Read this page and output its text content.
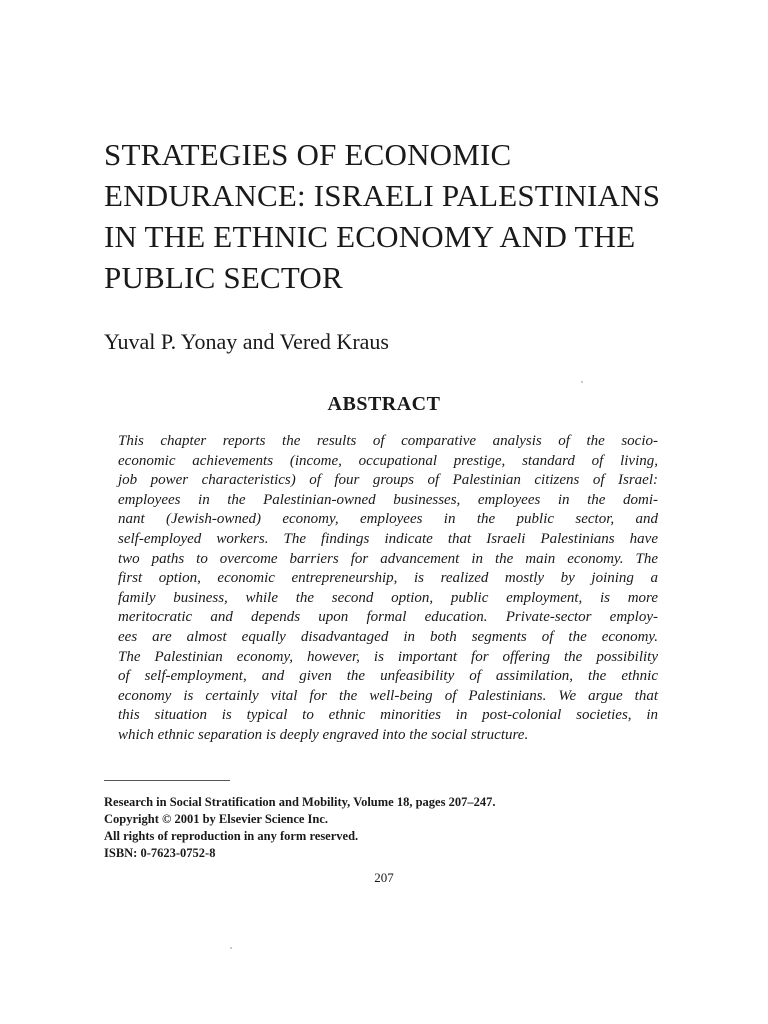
STRATEGIES OF ECONOMIC
ENDURANCE: ISRAELI PALESTINIANS
IN THE ETHNIC ECONOMY AND THE
PUBLIC SECTOR
Yuval P. Yonay and Vered Kraus
ABSTRACT
This chapter reports the results of comparative analysis of the socio-
economic achievements (income, occupational prestige, standard of living,
job power characteristics) of four groups of Palestinian citizens of Israel:
employees in the Palestinian-owned businesses, employees in the domi-
nant (Jewish-owned) economy, employees in the public sector, and
self-employed workers. The findings indicate that Israeli Palestinians have
two paths to overcome barriers for advancement in the main economy. The
first option, economic entrepreneurship, is realized mostly by joining a
family business, while the second option, public employment, is more
meritocratic and depends upon formal education. Private-sector employ-
ees are almost equally disadvantaged in both segments of the economy.
The Palestinian economy, however, is important for offering the possibility
of self-employment, and given the unfeasibility of assimilation, the ethnic
economy is certainly vital for the well-being of Palestinians. We argue that
this situation is typical to ethnic minorities in post-colonial societies, in
which ethnic separation is deeply engraved into the social structure.
Research in Social Stratification and Mobility, Volume 18, pages 207–247.
Copyright © 2001 by Elsevier Science Inc.
All rights of reproduction in any form reserved.
ISBN: 0-7623-0752-8
207
